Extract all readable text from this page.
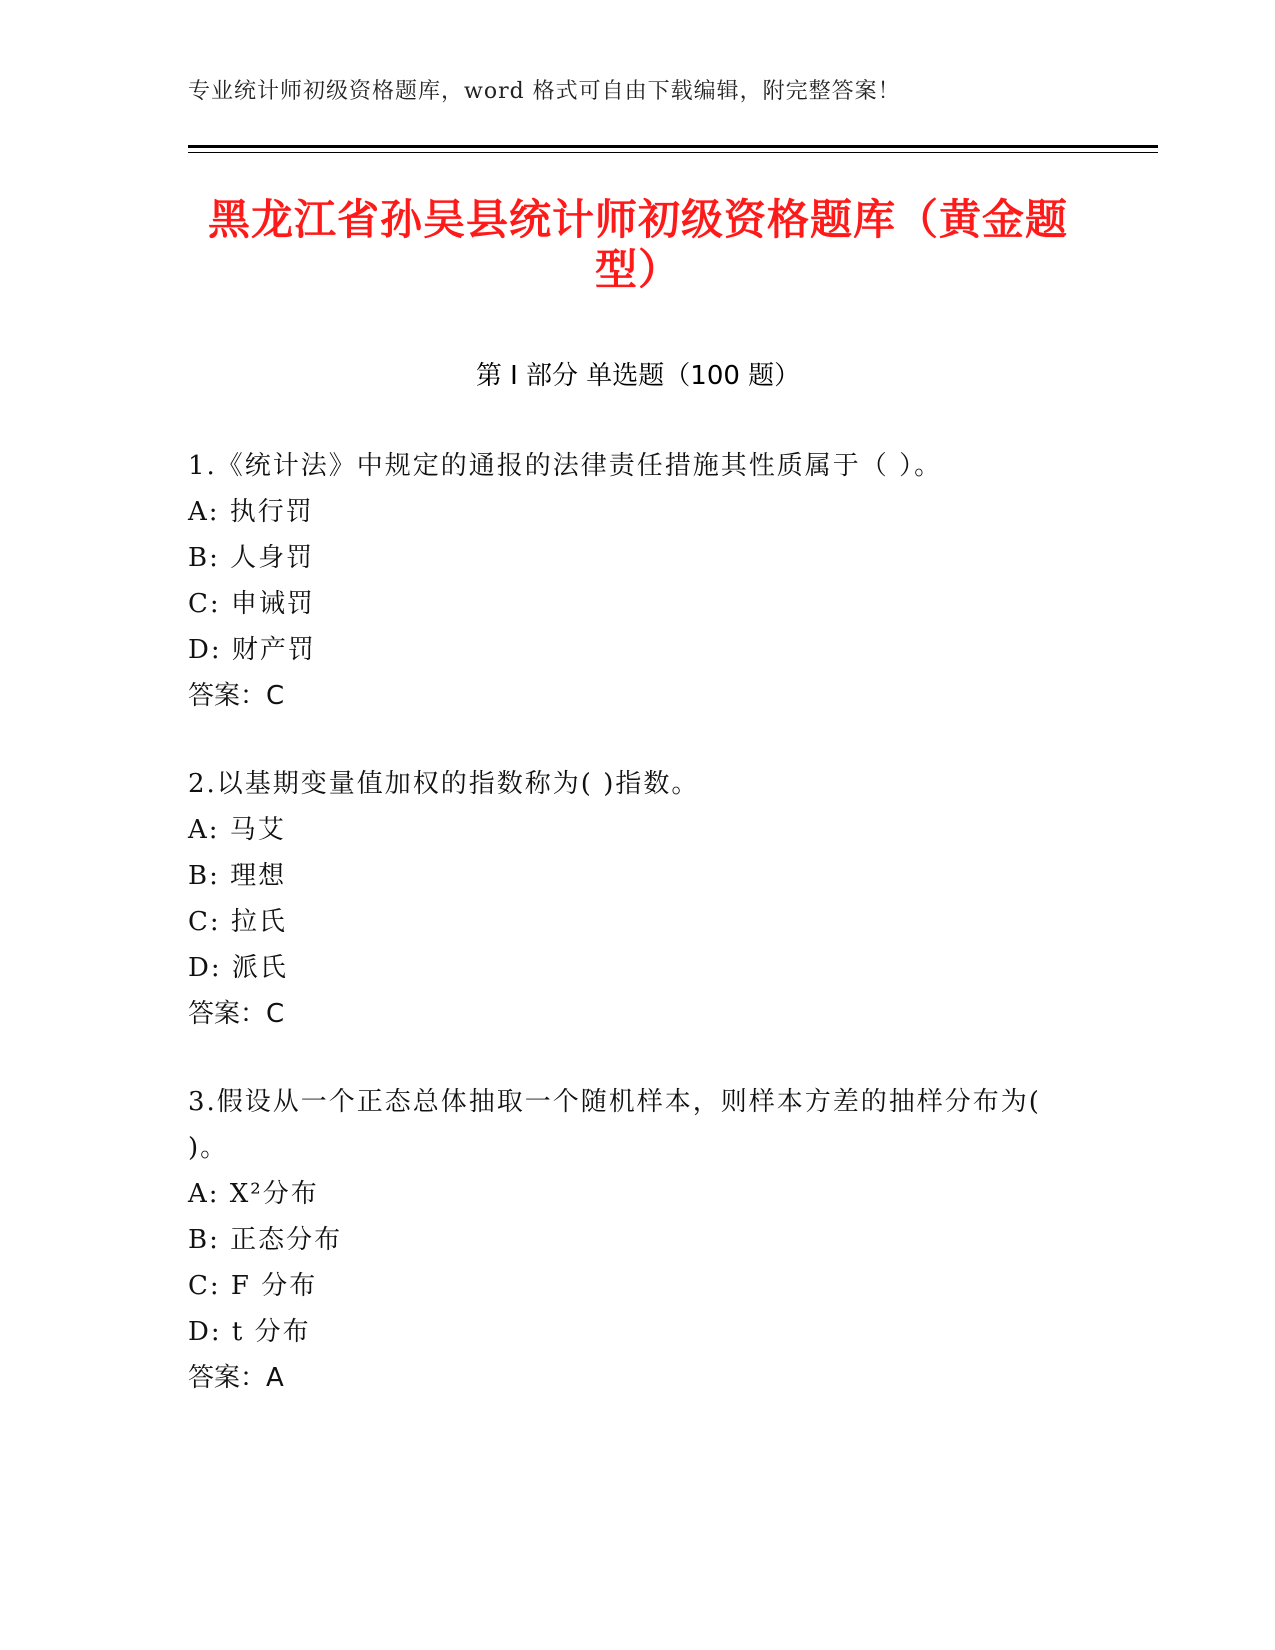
专业统计师初级资格题库，word 格式可自由下载编辑，附完整答案！
黑龙江省孙吴县统计师初级资格题库（黄金题型）
第 I 部分 单选题（100 题）

1.《统计法》中规定的通报的法律责任措施其性质属于（ ）。

A: 执行罚

B: 人身罚

C: 申诫罚

D: 财产罚

答案：C

2.以基期变量值加权的指数称为( )指数。

A: 马艾

B: 理想

C: 拉氏

D: 派氏

答案：C

3.假设从一个正态总体抽取一个随机样本，则样本方差的抽样分布为( )。

A: X²分布

B: 正态分布

C: F 分布

D: t 分布

答案：A
